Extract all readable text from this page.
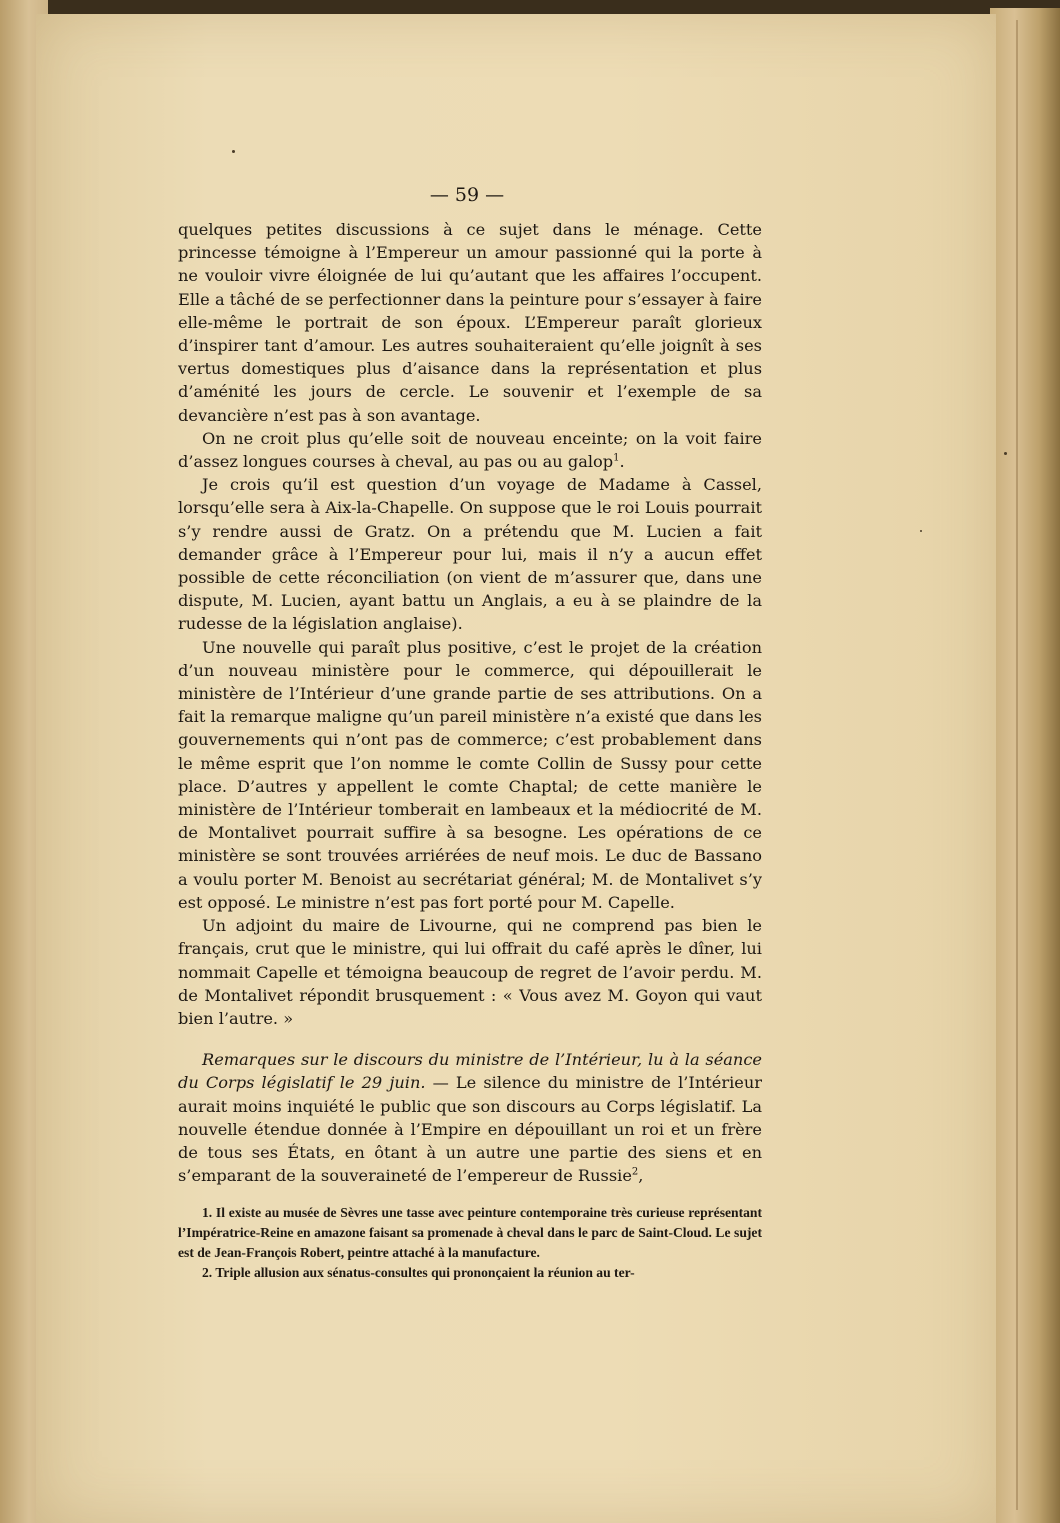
— 59 —

quelques petites discussions à ce sujet dans le ménage. Cette princesse témoigne à l’Empereur un amour passionné qui la porte à ne vouloir vivre éloignée de lui qu’autant que les affaires l’occupent. Elle a tâché de se perfectionner dans la peinture pour s’essayer à faire elle-même le portrait de son époux. L’Empereur paraît glorieux d’inspirer tant d’amour. Les autres souhaiteraient qu’elle joignît à ses vertus domestiques plus d’aisance dans la représentation et plus d’aménité les jours de cercle. Le souvenir et l’exemple de sa devancière n’est pas à son avantage.

On ne croit plus qu’elle soit de nouveau enceinte; on la voit faire d’assez longues courses à cheval, au pas ou au galop$^1$.

Je crois qu’il est question d’un voyage de Madame à Cassel, lorsqu’elle sera à Aix-la-Chapelle. On suppose que le roi Louis pourrait s’y rendre aussi de Gratz. On a prétendu que M. Lucien a fait demander grâce à l’Empereur pour lui, mais il n’y a aucun effet possible de cette réconciliation (on vient de m’assurer que, dans une dispute, M. Lucien, ayant battu un Anglais, a eu à se plaindre de la rudesse de la législation anglaise).

Une nouvelle qui paraît plus positive, c’est le projet de la création d’un nouveau ministère pour le commerce, qui dépouillerait le ministère de l’Intérieur d’une grande partie de ses attributions. On a fait la remarque maligne qu’un pareil ministère n’a existé que dans les gouvernements qui n’ont pas de commerce; c’est probablement dans le même esprit que l’on nomme le comte Collin de Sussy pour cette place. D’autres y appellent le comte Chaptal; de cette manière le ministère de l’Intérieur tomberait en lambeaux et la médiocrité de M. de Montalivet pourrait suffire à sa besogne. Les opérations de ce ministère se sont trouvées arriérées de neuf mois. Le duc de Bassano a voulu porter M. Benoist au secrétariat général; M. de Montalivet s’y est opposé. Le ministre n’est pas fort porté pour M. Capelle.

Un adjoint du maire de Livourne, qui ne comprend pas bien le français, crut que le ministre, qui lui offrait du café après le dîner, lui nommait Capelle et témoigna beaucoup de regret de l’avoir perdu. M. de Montalivet répondit brusquement : « Vous avez M. Goyon qui vaut bien l’autre. »

Remarques sur le discours du ministre de l’Intérieur, lu à la séance du Corps législatif le 29 juin. — Le silence du ministre de l’Intérieur aurait moins inquiété le public que son discours au Corps législatif. La nouvelle étendue donnée à l’Empire en dépouillant un roi et un frère de tous ses États, en ôtant à un autre une partie des siens et en s’emparant de la souveraineté de l’empereur de Russie$^2$,

1. Il existe au musée de Sèvres une tasse avec peinture contemporaine très curieuse représentant l’Impératrice-Reine en amazone faisant sa promenade à cheval dans le parc de Saint-Cloud. Le sujet est de Jean-François Robert, peintre attaché à la manufacture.

2. Triple allusion aux sénatus-consultes qui prononçaient la réunion au ter-
